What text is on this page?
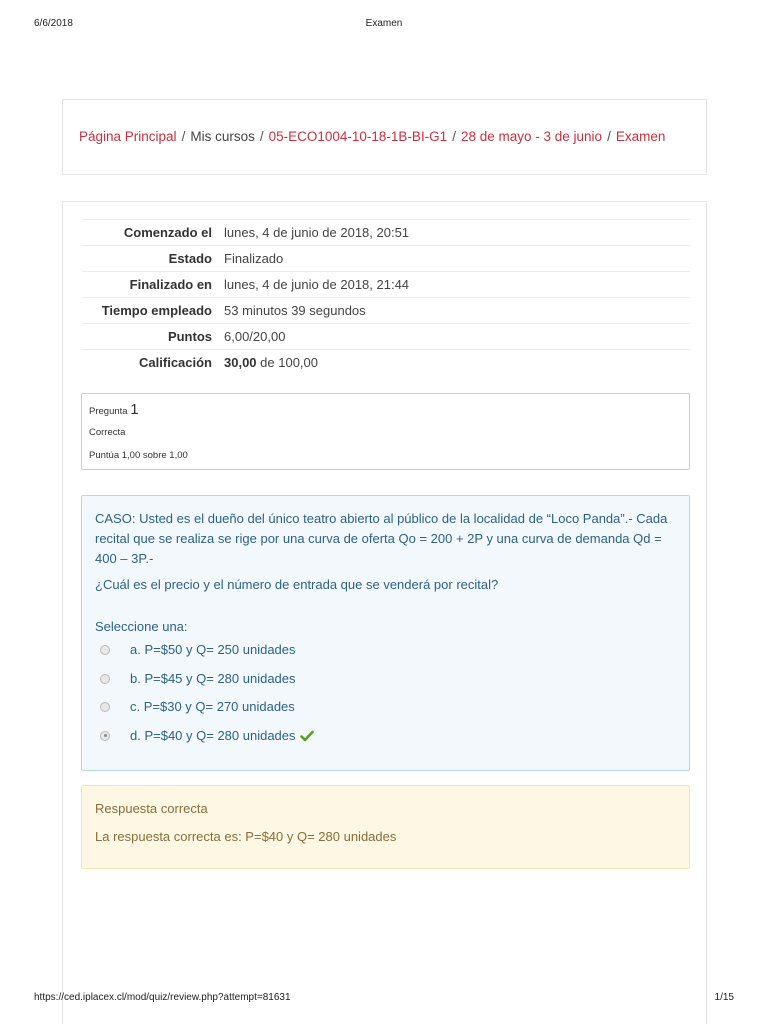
6/6/2018	Examen
Página Principal / Mis cursos / 05-ECO1004-10-18-1B-BI-G1 / 28 de mayo - 3 de junio / Examen
Comenzado el	lunes, 4 de junio de 2018, 20:51
Estado	Finalizado
Finalizado en	lunes, 4 de junio de 2018, 21:44
Tiempo empleado	53 minutos 39 segundos
Puntos	6,00/20,00
Calificación	30,00 de 100,00
Pregunta 1
Correcta
Puntúa 1,00 sobre 1,00

CASO: Usted es el dueño del único teatro abierto al público de la localidad de “Loco Panda”.- Cada recital que se realiza se rige por una curva de oferta Qo = 200 + 2P y una curva de demanda Qd = 400 – 3P.-

¿Cuál es el precio y el número de entrada que se venderá por recital?

Seleccione una:
a. P=$50 y Q= 250 unidades
b. P=$45 y Q= 280 unidades
c. P=$30 y Q= 270 unidades
d. P=$40 y Q= 280 unidades
Respuesta correcta
La respuesta correcta es: P=$40 y Q= 280 unidades
https://ced.iplacex.cl/mod/quiz/review.php?attempt=81631	1/15
